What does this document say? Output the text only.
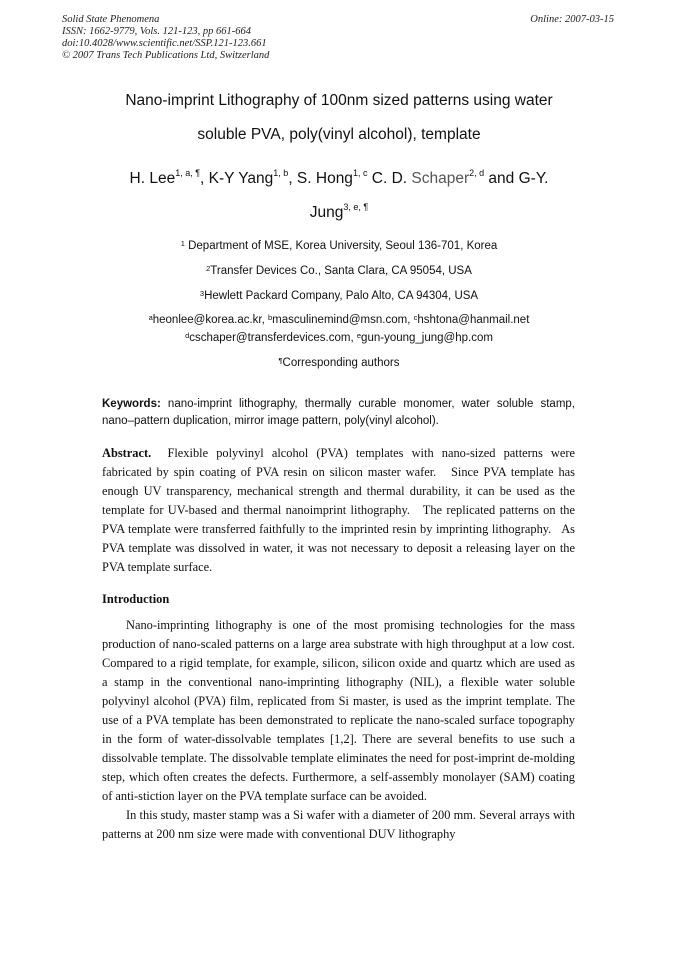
Solid State Phenomena
ISSN: 1662-9779, Vols. 121-123, pp 661-664
doi:10.4028/www.scientific.net/SSP.121-123.661
© 2007 Trans Tech Publications Ltd, Switzerland
Online: 2007-03-15
Nano-imprint Lithography of 100nm sized patterns using water
soluble PVA, poly(vinyl alcohol), template
H. Lee$^{1, a, \P}$, K-Y Yang$^{1, b}$, S. Hong$^{1, c}$ C. D. Schaper$^{2, d}$ and G-Y.
Jung$^{3, e, \P}$
$^1$ Department of MSE, Korea University, Seoul 136-701, Korea
$^2$Transfer Devices Co., Santa Clara, CA 95054, USA
$^3$Hewlett Packard Company, Palo Alto, CA 94304, USA
$^a$heonlee@korea.ac.kr, $^b$masculinemind@msn.com, $^c$hshtona@hanmail.net
$^d$cschaper@transferdevices.com, $^e$gun-young_jung@hp.com
¶Corresponding authors
Keywords: nano-imprint lithography, thermally curable monomer, water soluble stamp, nano–pattern duplication, mirror image pattern, poly(vinyl alcohol).
Abstract.  Flexible polyvinyl alcohol (PVA) templates with nano-sized patterns were fabricated by spin coating of PVA resin on silicon master wafer.   Since PVA template has enough UV transparency, mechanical strength and thermal durability, it can be used as the template for UV-based and thermal nanoimprint lithography.   The replicated patterns on the PVA template were transferred faithfully to the imprinted resin by imprinting lithography.   As PVA template was dissolved in water, it was not necessary to deposit a releasing layer on the PVA template surface.
Introduction

Nano-imprinting lithography is one of the most promising technologies for the mass production of nano-scaled patterns on a large area substrate with high throughput at a low cost. Compared to a rigid template, for example, silicon, silicon oxide and quartz which are used as a stamp in the conventional nano-imprinting lithography (NIL), a flexible water soluble polyvinyl alcohol (PVA) film, replicated from Si master, is used as the imprint template. The use of a PVA template has been demonstrated to replicate the nano-scaled surface topography in the form of water-dissolvable templates [1,2]. There are several benefits to use such a dissolvable template. The dissolvable template eliminates the need for post-imprint de-molding step, which often creates the defects. Furthermore, a self-assembly monolayer (SAM) coating of anti-stiction layer on the PVA template surface can be avoided.

In this study, master stamp was a Si wafer with a diameter of 200 mm. Several arrays with patterns at 200 nm size were made with conventional DUV lithography
